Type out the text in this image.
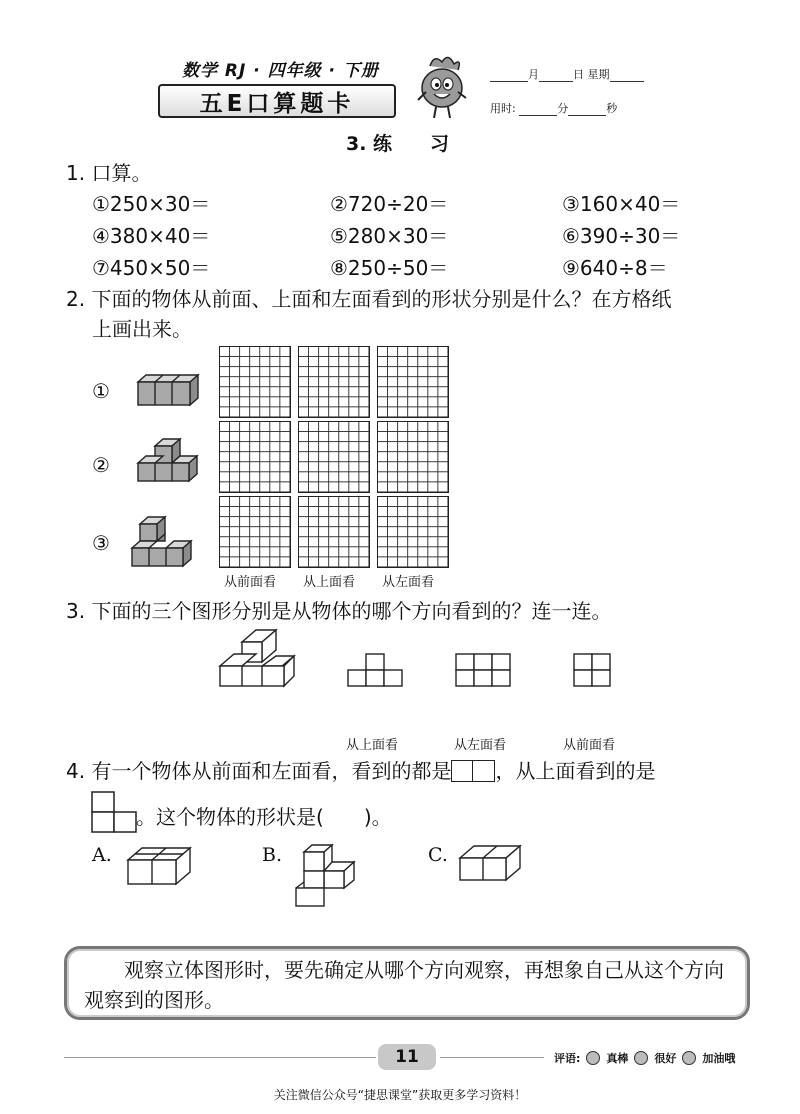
数学 RJ · 四年级 · 下册
五E口算题卡
月	日 星期
用时:	分	秒
3. 练　　习
1. 口算。
①250×30＝	②720÷20＝	③160×40＝
④380×40＝	⑤280×30＝	⑥390÷30＝
⑦450×50＝	⑧250÷50＝	⑨640÷8＝
2. 下面的物体从前面、上面和左面看到的形状分别是什么？在方格纸
上画出来。
①
②
③
从前面看 从上面看 从左面看
3. 下面的三个图形分别是从物体的哪个方向看到的？连一连。
从上面看	从左面看	从前面看
4. 有一个物体从前面和左面看，看到的都是 ，从上面看到的是
。这个物体的形状是( )。
A.	B.	C.
观察立体图形时，要先确定从哪个方向观察，再想象自己从这个方向观察到的图形。
11	评语: 真棒 很好 加油哦
关注微信公众号“捷思课堂”获取更多学习资料！
